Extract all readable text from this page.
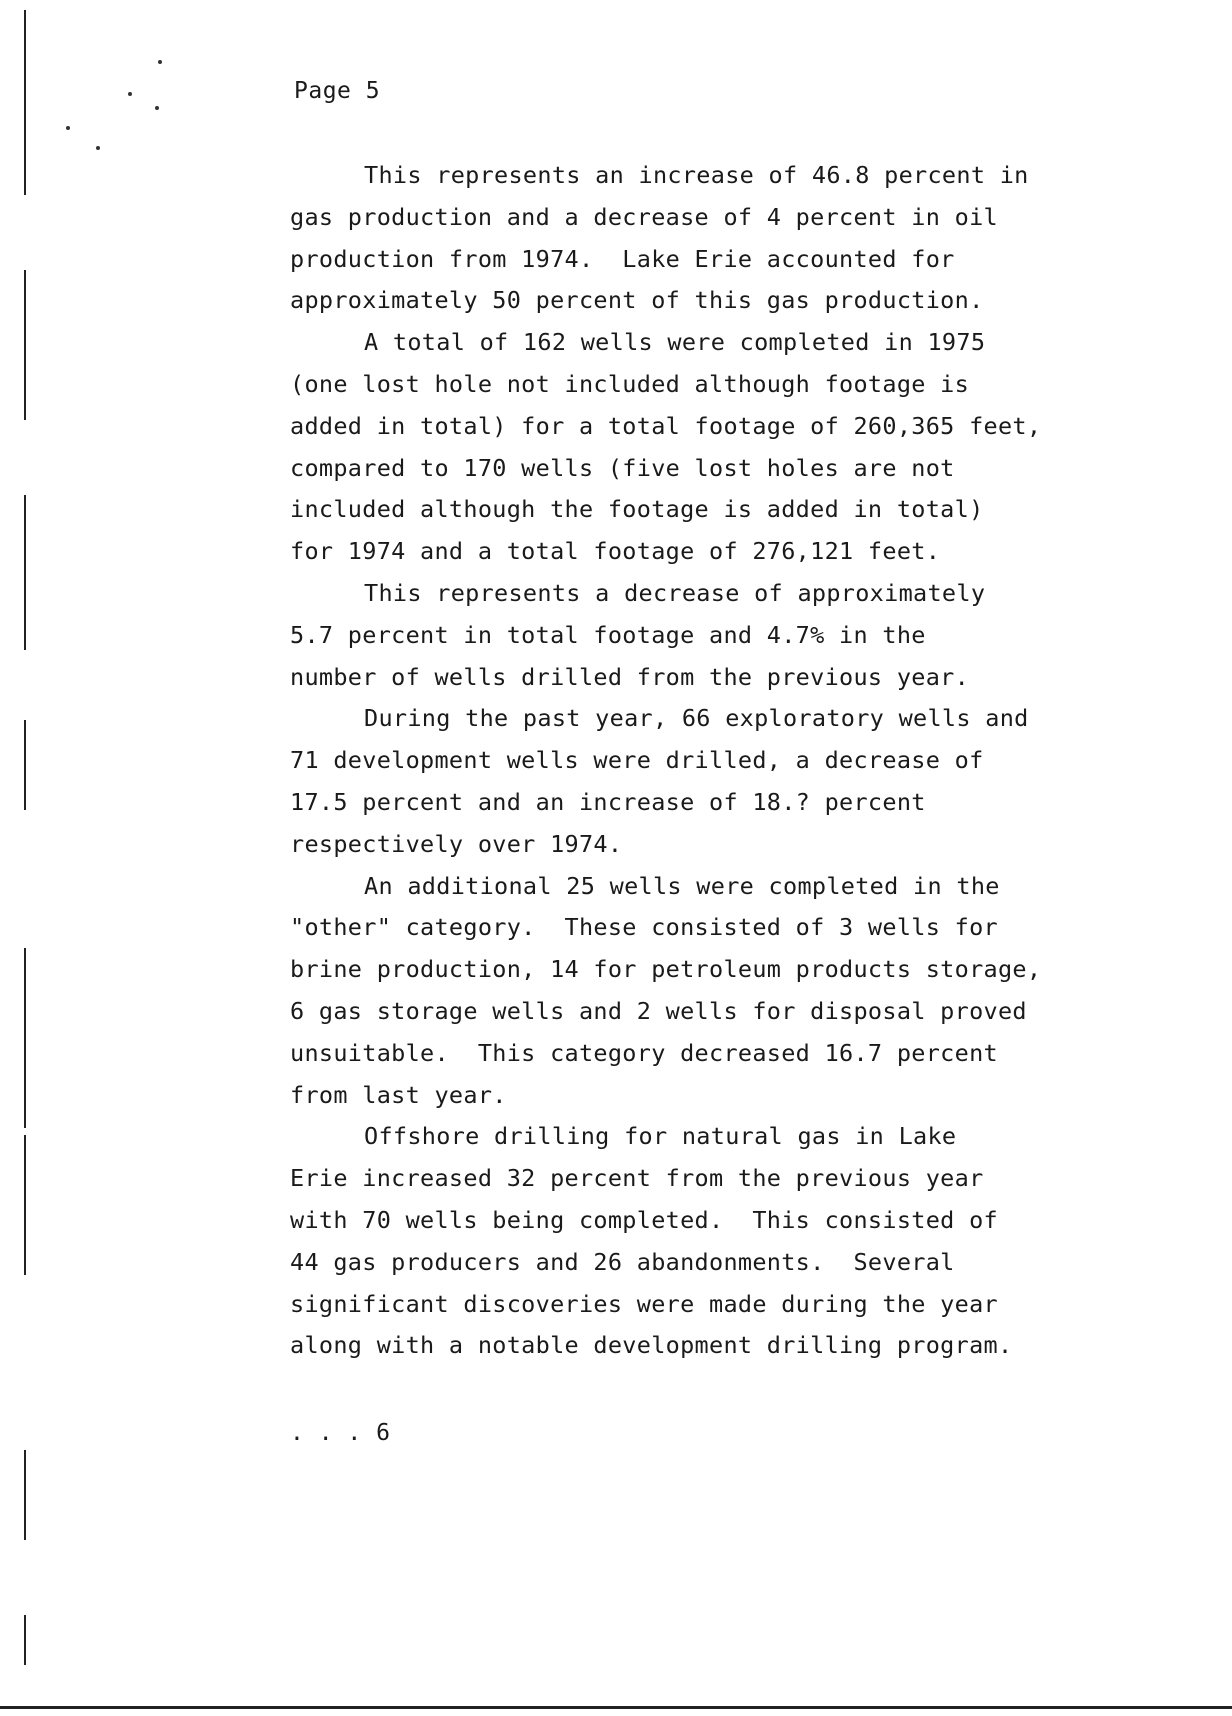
Page 5

This represents an increase of 46.8 percent in
gas production and a decrease of 4 percent in oil
production from 1974.  Lake Erie accounted for
approximately 50 percent of this gas production.

A total of 162 wells were completed in 1975
(one lost hole not included although footage is
added in total) for a total footage of 260,365 feet,
compared to 170 wells (five lost holes are not
included although the footage is added in total)
for 1974 and a total footage of 276,121 feet.

This represents a decrease of approximately
5.7 percent in total footage and 4.7% in the
number of wells drilled from the previous year.

During the past year, 66 exploratory wells and
71 development wells were drilled, a decrease of
17.5 percent and an increase of 18.? percent
respectively over 1974.

An additional 25 wells were completed in the
"other" category.  These consisted of 3 wells for
brine production, 14 for petroleum products storage,
6 gas storage wells and 2 wells for disposal proved
unsuitable.  This category decreased 16.7 percent
from last year.

Offshore drilling for natural gas in Lake
Erie increased 32 percent from the previous year
with 70 wells being completed.  This consisted of
44 gas producers and 26 abandonments.  Several
significant discoveries were made during the year
along with a notable development drilling program.

. . . 6
